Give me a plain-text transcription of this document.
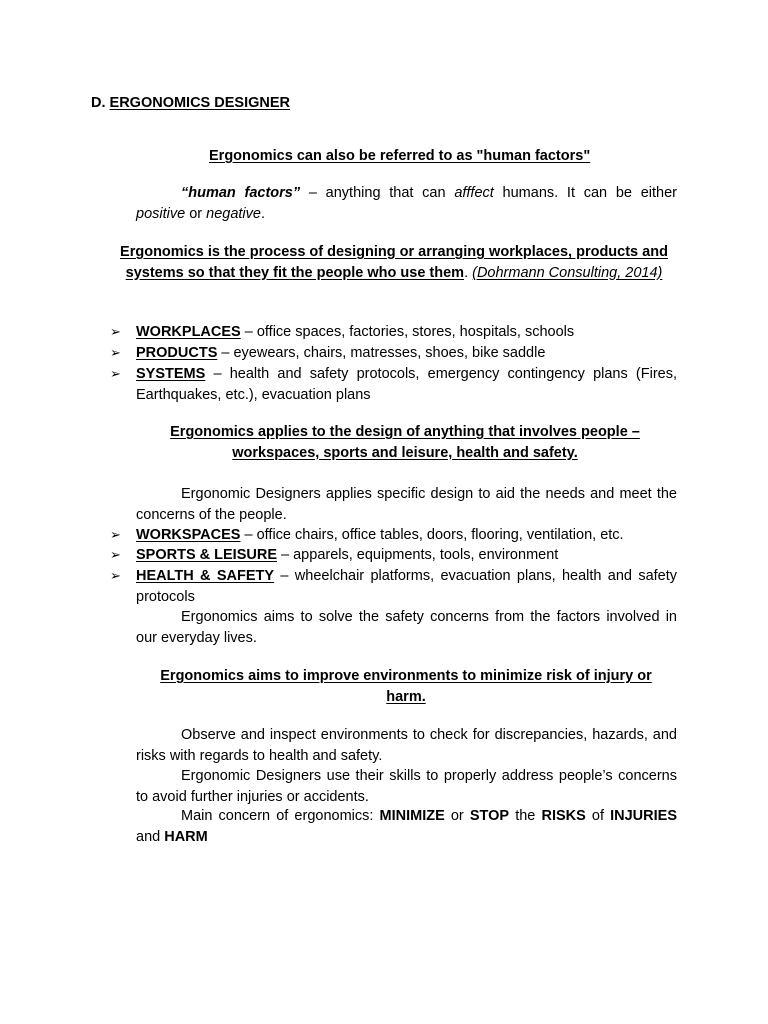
D. ERGONOMICS DESIGNER
Ergonomics can also be referred to as "human factors"
“human factors” – anything that can afffect humans. It can be either positive or negative.
Ergonomics is the process of designing or arranging workplaces, products and systems so that they fit the people who use them. (Dohrmann Consulting, 2014)
➢ WORKPLACES – office spaces, factories, stores, hospitals, schools
➢ PRODUCTS – eyewears, chairs, matresses, shoes, bike saddle
➢ SYSTEMS – health and safety protocols, emergency contingency plans (Fires, Earthquakes, etc.), evacuation plans
Ergonomics applies to the design of anything that involves people – workspaces, sports and leisure, health and safety.
Ergonomic Designers applies specific design to aid the needs and meet the concerns of the people.
➢ WORKSPACES – office chairs, office tables, doors, flooring, ventilation, etc.
➢ SPORTS & LEISURE – apparels, equipments, tools, environment
➢ HEALTH & SAFETY – wheelchair platforms, evacuation plans, health and safety protocols
Ergonomics aims to solve the safety concerns from the factors involved in our everyday lives.
Ergonomics aims to improve environments to minimize risk of injury or harm.
Observe and inspect environments to check for discrepancies, hazards, and risks with regards to health and safety.
Ergonomic Designers use their skills to properly address people’s concerns to avoid further injuries or accidents.
Main concern of ergonomics: MINIMIZE or STOP the RISKS of INJURIES and HARM
